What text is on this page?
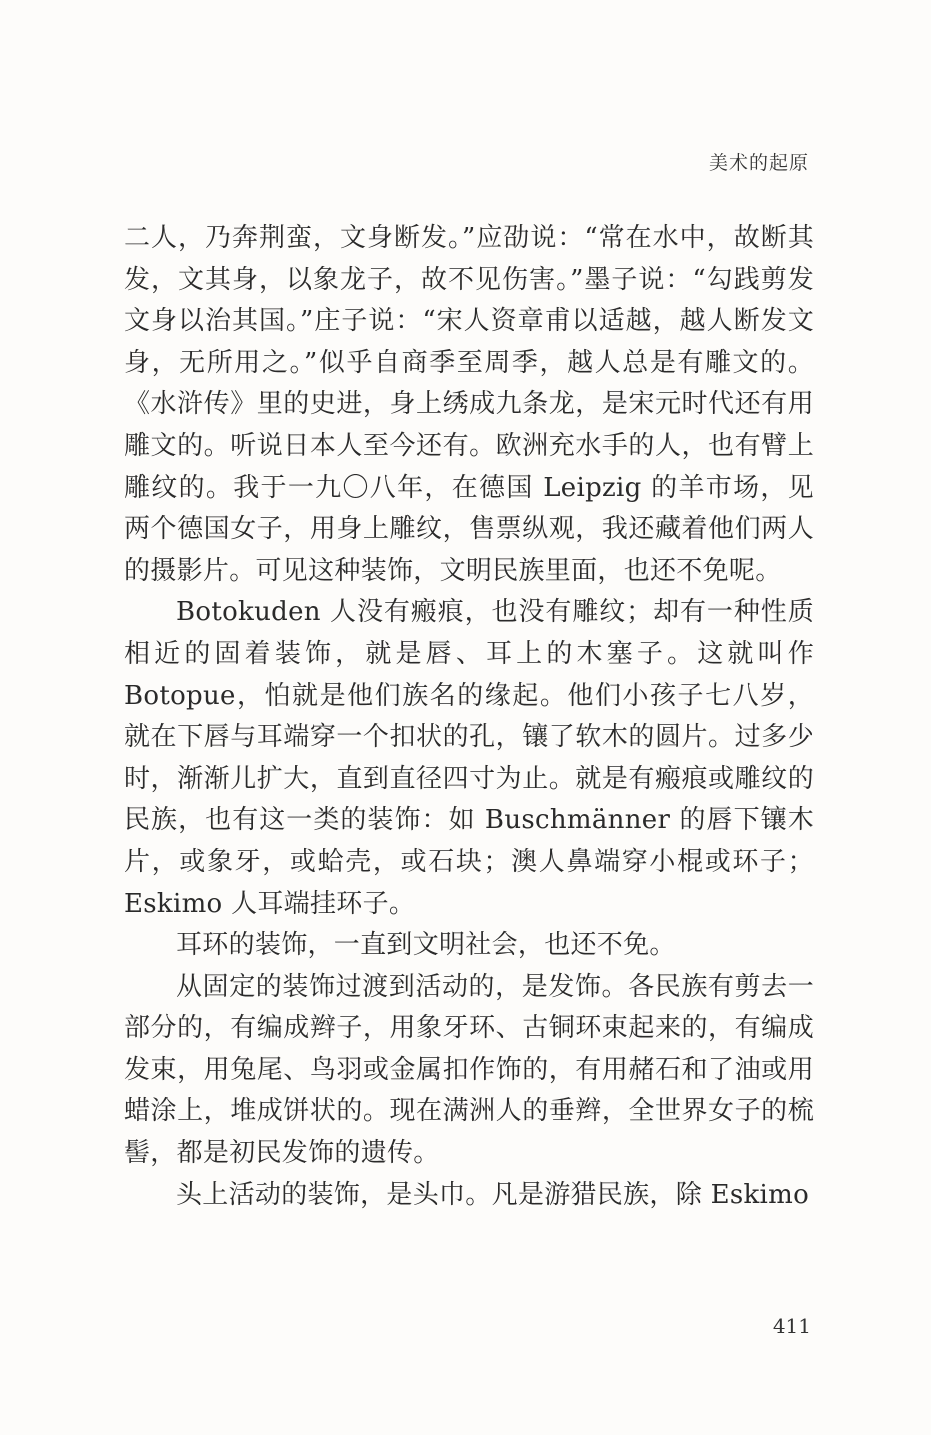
美术的起原

二人，乃奔荆蛮，文身断发。”应劭说：“常在水中，故断其发，文其身，以象龙子，故不见伤害。”墨子说：“勾践剪发文身以治其国。”庄子说：“宋人资章甫以适越，越人断发文身，无所用之。”似乎自商季至周季，越人总是有雕文的。《水浒传》里的史进，身上绣成九条龙，是宋元时代还有用雕文的。听说日本人至今还有。欧洲充水手的人，也有臂上雕纹的。我于一九〇八年，在德国 Leipzig 的羊市场，见两个德国女子，用身上雕纹，售票纵观，我还藏着他们两人的摄影片。可见这种装饰，文明民族里面，也还不免呢。

Botokuden 人没有瘢痕，也没有雕纹；却有一种性质相近的固着装饰，就是唇、耳上的木塞子。这就叫作 Botopue，怕就是他们族名的缘起。他们小孩子七八岁，就在下唇与耳端穿一个扣状的孔，镶了软木的圆片。过多少时，渐渐儿扩大，直到直径四寸为止。就是有瘢痕或雕纹的民族，也有这一类的装饰：如 Buschmänner 的唇下镶木片，或象牙，或蛤壳，或石块；澳人鼻端穿小棍或环子；Eskimo 人耳端挂环子。

耳环的装饰，一直到文明社会，也还不免。

从固定的装饰过渡到活动的，是发饰。各民族有剪去一部分的，有编成辫子，用象牙环、古铜环束起来的，有编成发束，用兔尾、鸟羽或金属扣作饰的，有用赭石和了油或用蜡涂上，堆成饼状的。现在满洲人的垂辫，全世界女子的梳髻，都是初民发饰的遗传。

头上活动的装饰，是头巾。凡是游猎民族，除 Eskimo

411
